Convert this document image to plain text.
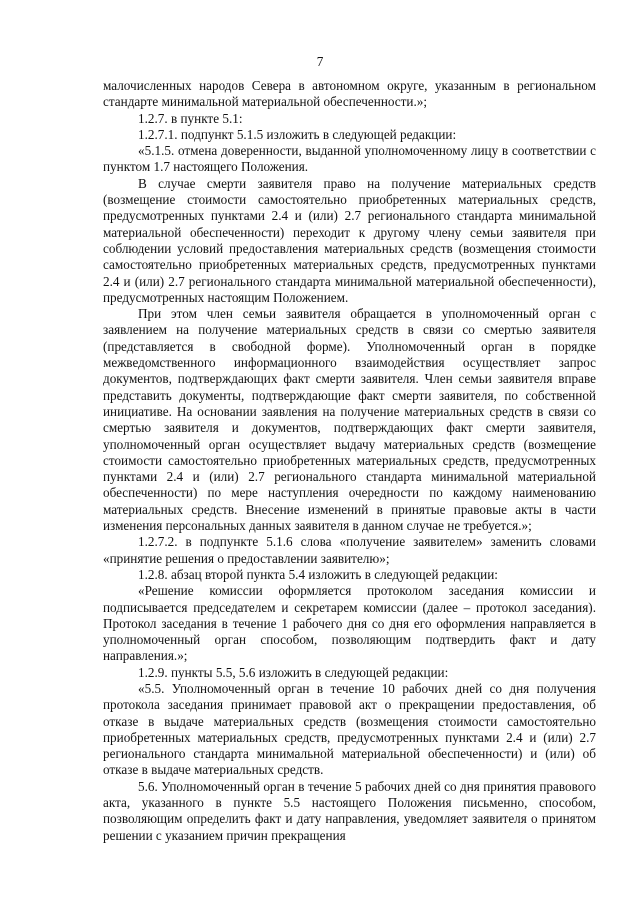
7

малочисленных народов Севера в автономном округе, указанным в региональном стандарте минимальной материальной обеспеченности.»;

1.2.7. в пункте 5.1:

1.2.7.1. подпункт 5.1.5 изложить в следующей редакции:

«5.1.5. отмена доверенности, выданной уполномоченному лицу в соответствии с пунктом 1.7 настоящего Положения.

В случае смерти заявителя право на получение материальных средств (возмещение стоимости самостоятельно приобретенных материальных средств, предусмотренных пунктами 2.4 и (или) 2.7 регионального стандарта минимальной материальной обеспеченности) переходит к другому члену семьи заявителя при соблюдении условий предоставления материальных средств (возмещения стоимости самостоятельно приобретенных материальных средств, предусмотренных пунктами 2.4 и (или) 2.7 регионального стандарта минимальной материальной обеспеченности), предусмотренных настоящим Положением.

При этом член семьи заявителя обращается в уполномоченный орган с заявлением на получение материальных средств в связи со смертью заявителя (представляется в свободной форме). Уполномоченный орган в порядке межведомственного информационного взаимодействия осуществляет запрос документов, подтверждающих факт смерти заявителя. Член семьи заявителя вправе представить документы, подтверждающие факт смерти заявителя, по собственной инициативе. На основании заявления на получение материальных средств в связи со смертью заявителя и документов, подтверждающих факт смерти заявителя, уполномоченный орган осуществляет выдачу материальных средств (возмещение стоимости самостоятельно приобретенных материальных средств, предусмотренных пунктами 2.4 и (или) 2.7 регионального стандарта минимальной материальной обеспеченности) по мере наступления очередности по каждому наименованию материальных средств. Внесение изменений в принятые правовые акты в части изменения персональных данных заявителя в данном случае не требуется.»;

1.2.7.2. в подпункте 5.1.6 слова «получение заявителем» заменить словами «принятие решения о предоставлении заявителю»;

1.2.8. абзац второй пункта 5.4 изложить в следующей редакции:

«Решение комиссии оформляется протоколом заседания комиссии и подписывается председателем и секретарем комиссии (далее – протокол заседания). Протокол заседания в течение 1 рабочего дня со дня его оформления направляется в уполномоченный орган способом, позволяющим подтвердить факт и дату направления.»;

1.2.9. пункты 5.5, 5.6 изложить в следующей редакции:

«5.5. Уполномоченный орган в течение 10 рабочих дней со дня получения протокола заседания принимает правовой акт о прекращении предоставления, об отказе в выдаче материальных средств (возмещения стоимости самостоятельно приобретенных материальных средств, предусмотренных пунктами 2.4 и (или) 2.7 регионального стандарта минимальной материальной обеспеченности) и (или) об отказе в выдаче материальных средств.

5.6. Уполномоченный орган в течение 5 рабочих дней со дня принятия правового акта, указанного в пункте 5.5 настоящего Положения письменно, способом, позволяющим определить факт и дату направления, уведомляет заявителя о принятом решении с указанием причин прекращения
